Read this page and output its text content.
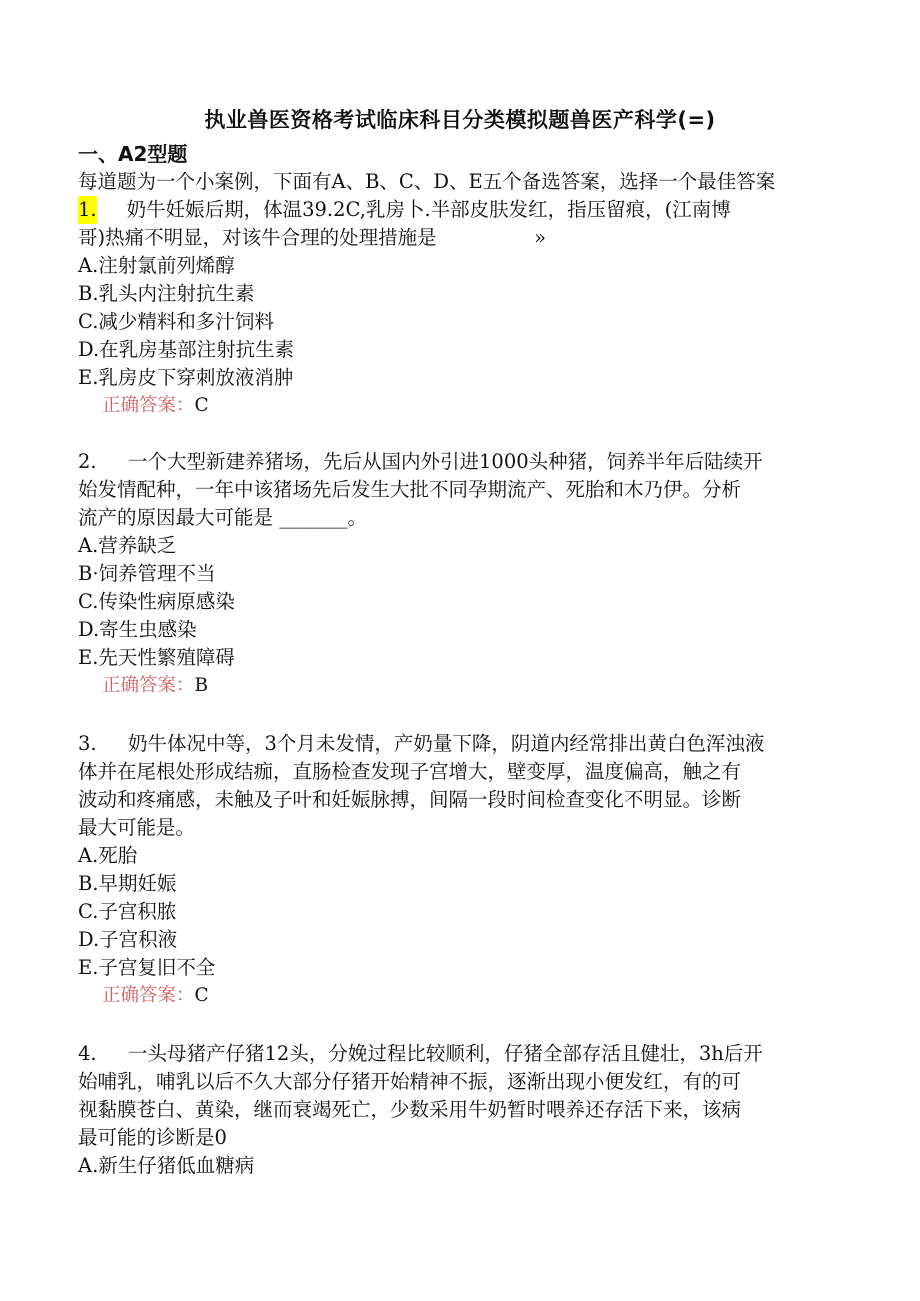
执业兽医资格考试临床科目分类模拟题兽医产科学(=)
一、A2型题
每道题为一个小案例，下面有A、B、C、D、E五个备选答案，选择一个最佳答案
1. 奶牛妊娠后期，体温39.2C,乳房卜.半部皮肤发红，指压留痕，(江南博
哥)热痛不明显，对该牛合理的处理措施是　　　　　»
A.注射氯前列烯醇
B.乳头内注射抗生素
C.减少精料和多汁饲料
D.在乳房基部注射抗生素
E.乳房皮下穿刺放液消肿
正确答案：C
2. 一个大型新建养猪场，先后从国内外引进1000头种猪，饲养半年后陆续开
始发情配种，一年中该猪场先后发生大批不同孕期流产、死胎和木乃伊。分析
流产的原因最大可能是 _______。
A.营养缺乏
B·饲养管理不当
C.传染性病原感染
D.寄生虫感染
E.先天性繁殖障碍
正确答案：B
3. 奶牛体况中等，3个月未发情，产奶量下降，阴道内经常排出黄白色浑浊液
体并在尾根处形成结痂，直肠检查发现子宫增大，壁变厚，温度偏高，触之有
波动和疼痛感，未触及子叶和妊娠脉搏，间隔一段时间检查变化不明显。诊断
最大可能是。
A.死胎
B.早期妊娠
C.子宫积脓
D.子宫积液
E.子宫复旧不全
正确答案：C
4. 一头母猪产仔猪12头，分娩过程比较顺利，仔猪全部存活且健壮，3h后开
始哺乳，哺乳以后不久大部分仔猪开始精神不振，逐渐出现小便发红，有的可
视黏膜苍白、黄染，继而衰竭死亡，少数采用牛奶暂时喂养还存活下来，该病
最可能的诊断是0
A.新生仔猪低血糖病
